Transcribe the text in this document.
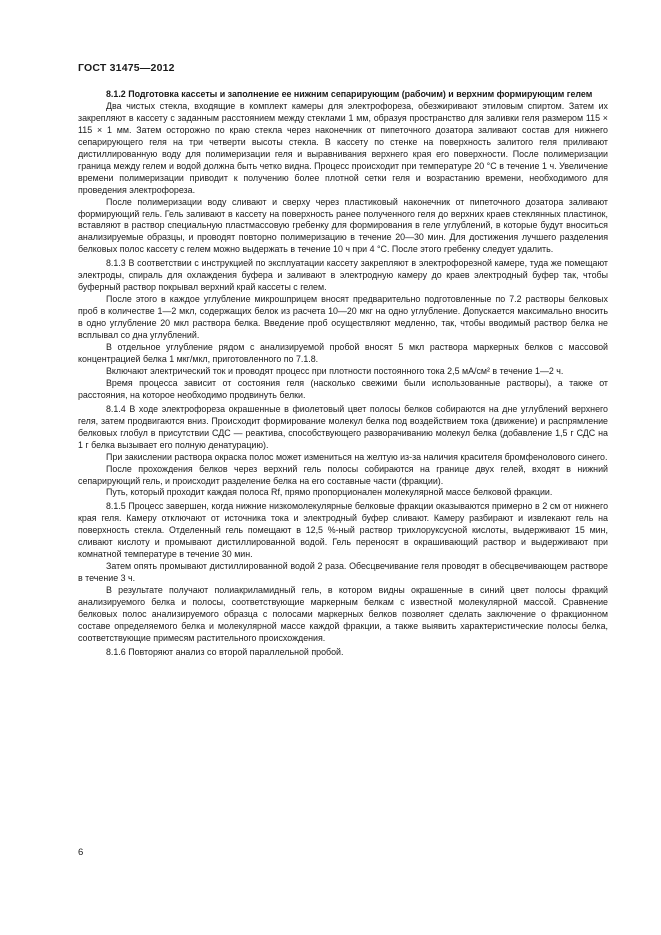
ГОСТ 31475—2012

8.1.2 Подготовка кассеты и заполнение ее нижним сепарирующим (рабочим) и верхним формирующим гелем

Два чистых стекла, входящие в комплект камеры для электрофореза, обезжиривают этиловым спиртом. Затем их закрепляют в кассету с заданным расстоянием между стеклами 1 мм, образуя пространство для заливки геля размером 115 × 115 × 1 мм. Затем осторожно по краю стекла через наконечник от пипеточного дозатора заливают состав для нижнего сепарирующего геля на три четверти высоты стекла. В кассету по стенке на поверхность залитого геля приливают дистиллированную воду для полимеризации геля и выравнивания верхнего края его поверхности. После полимеризации граница между гелем и водой должна быть четко видна. Процесс происходит при температуре 20 °С в течение 1 ч. Увеличение времени полимеризации приводит к получению более плотной сетки геля и возрастанию времени, необходимого для проведения электрофореза.

После полимеризации воду сливают и сверху через пластиковый наконечник от пипеточного дозатора заливают формирующий гель. Гель заливают в кассету на поверхность ранее полученного геля до верхних краев стеклянных пластинок, вставляют в раствор специальную пластмассовую гребенку для формирования в геле углублений, в которые будут вноситься анализируемые образцы, и проводят повторно полимеризацию в течение 20—30 мин. Для достижения лучшего разделения белковых полос кассету с гелем можно выдержать в течение 10 ч при 4 °С. После этого гребенку следует удалить.

8.1.3 В соответствии с инструкцией по эксплуатации кассету закрепляют в электрофорезной камере, туда же помещают электроды, спираль для охлаждения буфера и заливают в электродную камеру до краев электродный буфер так, чтобы буферный раствор покрывал верхний край кассеты с гелем.

После этого в каждое углубление микрошприцем вносят предварительно подготовленные по 7.2 растворы белковых проб в количестве 1—2 мкл, содержащих белок из расчета 10—20 мкг на одно углубление. Допускается максимально вносить в одно углубление 20 мкл раствора белка. Введение проб осуществляют медленно, так, чтобы вводимый раствор белка не всплывал со дна углублений.

В отдельное углубление рядом с анализируемой пробой вносят 5 мкл раствора маркерных белков с массовой концентрацией белка 1 мкг/мкл, приготовленного по 7.1.8.

Включают электрический ток и проводят процесс при плотности постоянного тока 2,5 мА/см² в течение 1—2 ч.

Время процесса зависит от состояния геля (насколько свежими были использованные растворы), а также от расстояния, на которое необходимо продвинуть белки.

8.1.4 В ходе электрофореза окрашенные в фиолетовый цвет полосы белков собираются на дне углублений верхнего геля, затем продвигаются вниз. Происходит формирование молекул белка под воздействием тока (движение) и распрямление белковых глобул в присутствии СДС — реактива, способствующего разворачиванию молекул белка (добавление 1,5 г СДС на 1 г белка вызывает его полную денатурацию).

При закислении раствора окраска полос может измениться на желтую из-за наличия красителя бромфенолового синего.

После прохождения белков через верхний гель полосы собираются на границе двух гелей, входят в нижний сепарирующий гель, и происходит разделение белка на его составные части (фракции).

Путь, который проходит каждая полоса Rf, прямо пропорционален молекулярной массе белковой фракции.

8.1.5 Процесс завершен, когда нижние низкомолекулярные белковые фракции оказываются примерно в 2 см от нижнего края геля. Камеру отключают от источника тока и электродный буфер сливают. Камеру разбирают и извлекают гель на поверхность стекла. Отделенный гель помещают в 12,5 %-ный раствор трихлоруксусной кислоты, выдерживают 15 мин, сливают кислоту и промывают дистиллированной водой. Гель переносят в окрашивающий раствор и выдерживают при комнатной температуре в течение 30 мин.

Затем опять промывают дистиллированной водой 2 раза. Обесцвечивание геля проводят в обесцвечивающем растворе в течение 3 ч.

В результате получают полиакриламидный гель, в котором видны окрашенные в синий цвет полосы фракций анализируемого белка и полосы, соответствующие маркерным белкам с известной молекулярной массой. Сравнение белковых полос анализируемого образца с полосами маркерных белков позволяет сделать заключение о фракционном составе определяемого белка и молекулярной массе каждой фракции, а также выявить характеристические полосы белка, соответствующие примесям растительного происхождения.

8.1.6 Повторяют анализ со второй параллельной пробой.

6
